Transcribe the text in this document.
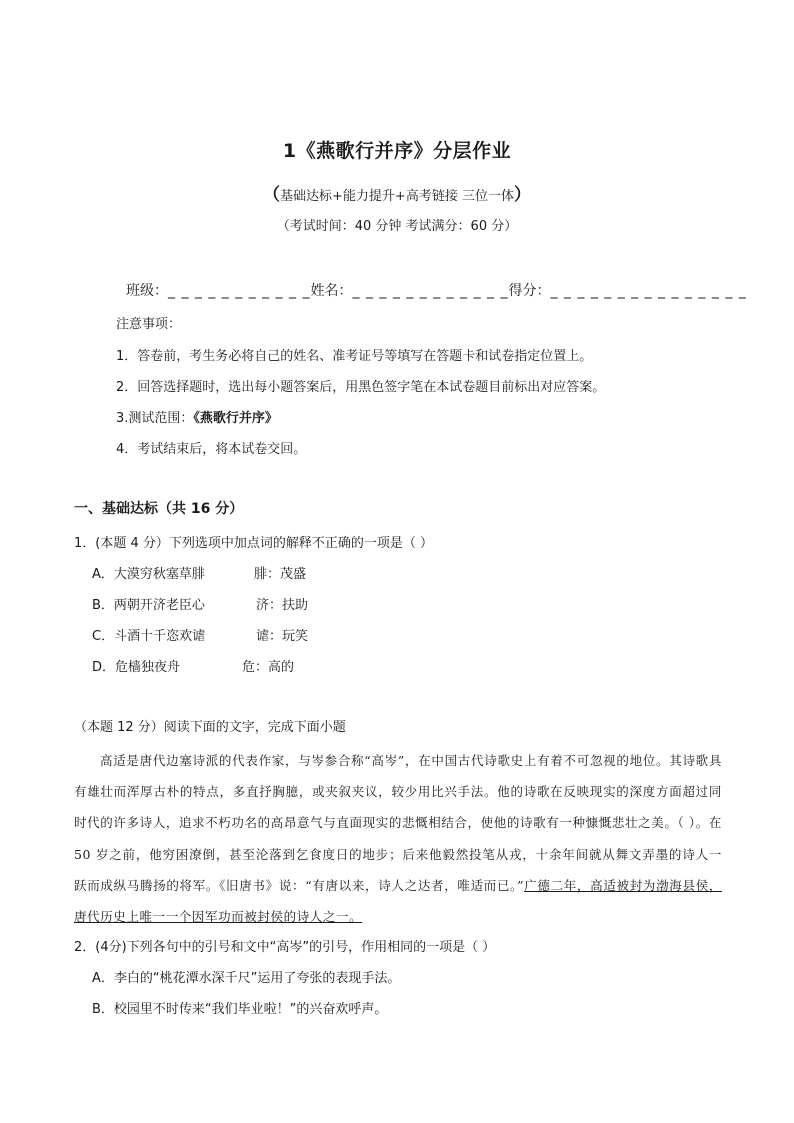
1《燕歌行并序》分层作业
（基础达标+能力提升+高考链接 三位一体）
（考试时间：40 分钟 考试满分：60 分）
班级：_ _ _ _ _ _ _ _ _ _ _姓名：_ _ _ _ _ _ _ _ _ _ _ _得分：_ _ _ _ _ _ _ _ _ _ _ _ _ _ _
注意事项：
1．答卷前，考生务必将自己的姓名、准考证号等填写在答题卡和试卷指定位置上。
2．回答选择题时，选出每小题答案后，用黑色签字笔在本试卷题目前标出对应答案。
3.测试范围：《燕歌行并序》
4．考试结束后，将本试卷交回。
一、基础达标（共 16 分）
1．(本题 4 分）下列选项中加点词的解释不正确的一项是（ ）
A．大漠穷秋塞草腓	腓：茂盛
B．两朝开济老臣心	济：扶助
C．斗酒十千恣欢谑	谑：玩笑
D．危樯独夜舟	危：高的
（本题 12 分）阅读下面的文字，完成下面小题
高适是唐代边塞诗派的代表作家，与岑参合称“高岑”，在中国古代诗歌史上有着不可忽视的地位。其诗歌具有雄壮而浑厚古朴的特点，多直抒胸臆，或夹叙夹议，较少用比兴手法。他的诗歌在反映现实的深度方面超过同时代的许多诗人，追求不朽功名的高昂意气与直面现实的悲慨相结合，使他的诗歌有一种慷慨悲壮之美。（ ）。在 50 岁之前，他穷困潦倒，甚至沦落到乞食度日的地步；后来他毅然投笔从戎，十余年间就从舞文弄墨的诗人一跃而成纵马腾扬的将军。《旧唐书》说：“有唐以来，诗人之达者，唯适而已。”广德二年，高适被封为渤海县侯，唐代历史上唯一一个因军功而被封侯的诗人之一。
2．(4分)下列各句中的引号和文中“高岑”的引号，作用相同的一项是（ ）
A．李白的“桃花潭水深千尺”运用了夸张的表现手法。
B．校园里不时传来“我们毕业啦！”的兴奋欢呼声。
